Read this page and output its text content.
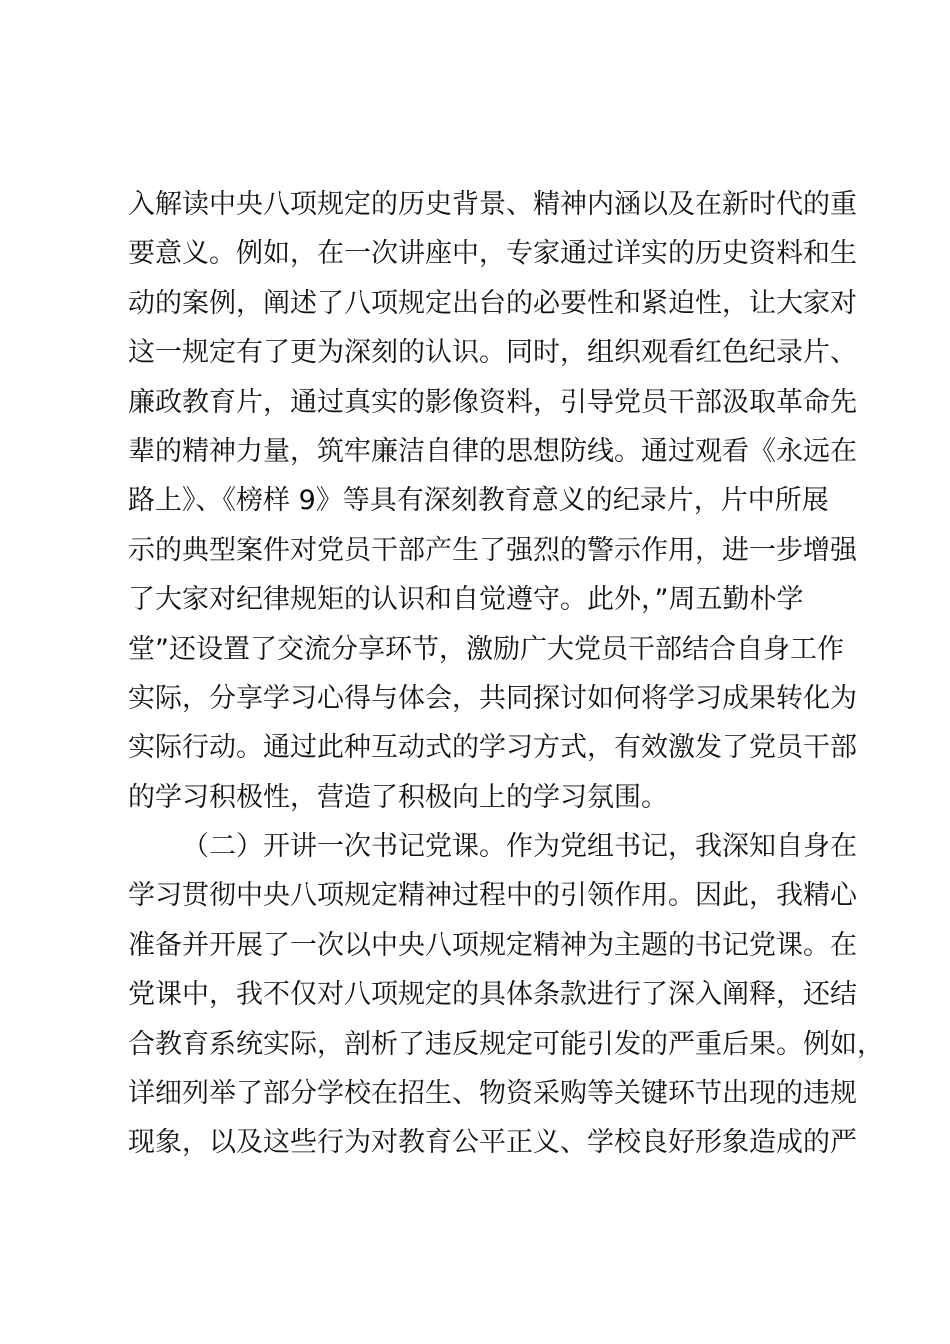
入解读中央八项规定的历史背景、精神内涵以及在新时代的重
要意义。例如，在一次讲座中，专家通过详实的历史资料和生
动的案例，阐述了八项规定出台的必要性和紧迫性，让大家对
这一规定有了更为深刻的认识。同时，组织观看红色纪录片、
廉政教育片，通过真实的影像资料，引导党员干部汲取革命先
辈的精神力量，筑牢廉洁自律的思想防线。通过观看《永远在
路上》、《榜样 9》等具有深刻教育意义的纪录片，片中所展
示的典型案件对党员干部产生了强烈的警示作用，进一步增强
了大家对纪律规矩的认识和自觉遵守。此外，”周五勤朴学
堂”还设置了交流分享环节，激励广大党员干部结合自身工作
实际，分享学习心得与体会，共同探讨如何将学习成果转化为
实际行动。通过此种互动式的学习方式，有效激发了党员干部
的学习积极性，营造了积极向上的学习氛围。
（二）开讲一次书记党课。作为党组书记，我深知自身在
学习贯彻中央八项规定精神过程中的引领作用。因此，我精心
准备并开展了一次以中央八项规定精神为主题的书记党课。在
党课中，我不仅对八项规定的具体条款进行了深入阐释，还结
合教育系统实际，剖析了违反规定可能引发的严重后果。例如，
详细列举了部分学校在招生、物资采购等关键环节出现的违规
现象，以及这些行为对教育公平正义、学校良好形象造成的严
